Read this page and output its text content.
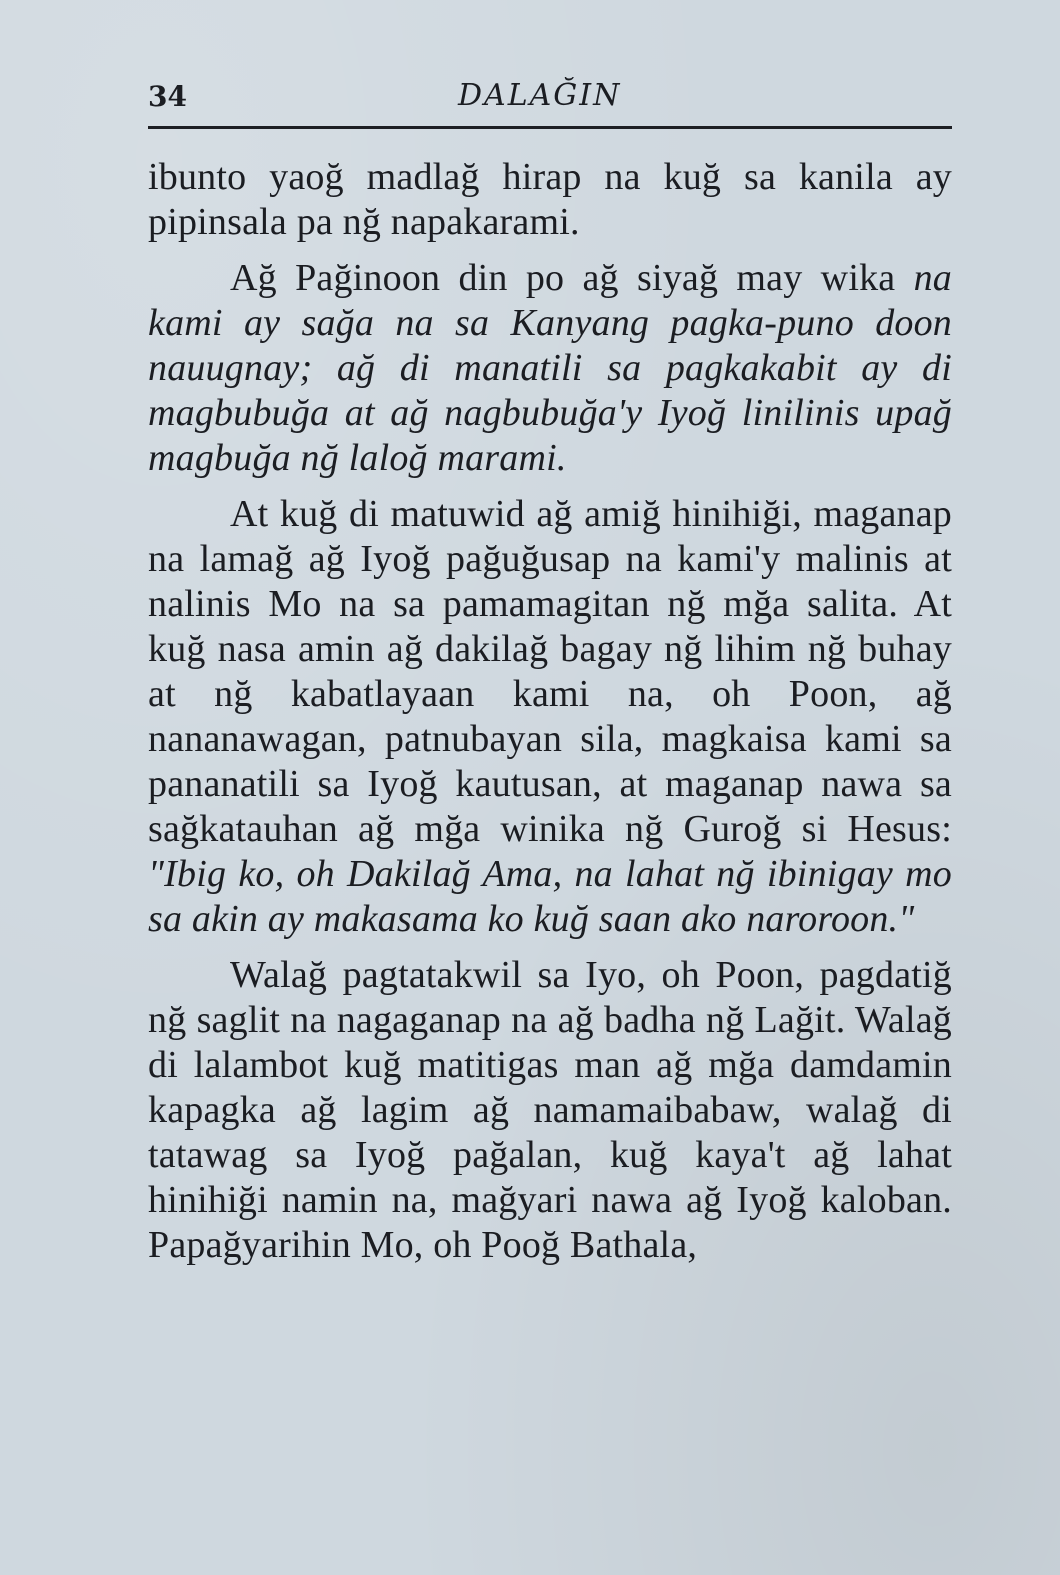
34	DALAĞIN

ibunto yaoğ madlağ hirap na kuğ sa kanila ay pipinsala pa nğ napakarami.

Ağ Pağinoon din po ağ siyağ may wika na kami ay sağa na sa Kanyang pagka-puno doon nauugnay; ağ di manatili sa pagkakabit ay di magbubuğa at ağ nagbubuğa'y Iyoğ linilinis upağ magbuğa nğ laloğ marami.

At kuğ di matuwid ağ amiğ hinihiği, maganap na lamağ ağ Iyoğ pağuğusap na kami'y malinis at nalinis Mo na sa pamamagitan nğ mğa salita. At kuğ nasa amin ağ dakilağ bagay nğ lihim nğ buhay at nğ kabatlayaan kami na, oh Poon, ağ nananawagan, patnubayan sila, magkaisa kami sa pananatili sa Iyoğ kautusan, at maganap nawa sa sağkatauhan ağ mğa winika nğ Guroğ si Hesus: "Ibig ko, oh Dakilağ Ama, na lahat nğ ibinigay mo sa akin ay makasama ko kuğ saan ako naroroon."

Walağ pagtatakwil sa Iyo, oh Poon, pagdatiğ nğ saglit na nagaganap na ağ badha nğ Lağit. Walağ di lalambot kuğ matitigas man ağ mğa damdamin kapagka ağ lagim ağ namamaibabaw, walağ di tatawag sa Iyoğ pağalan, kuğ kaya't ağ lahat hinihiği namin na, mağyari nawa ağ Iyoğ kaloban. Papağyarihin Mo, oh Pooğ Bathala,
